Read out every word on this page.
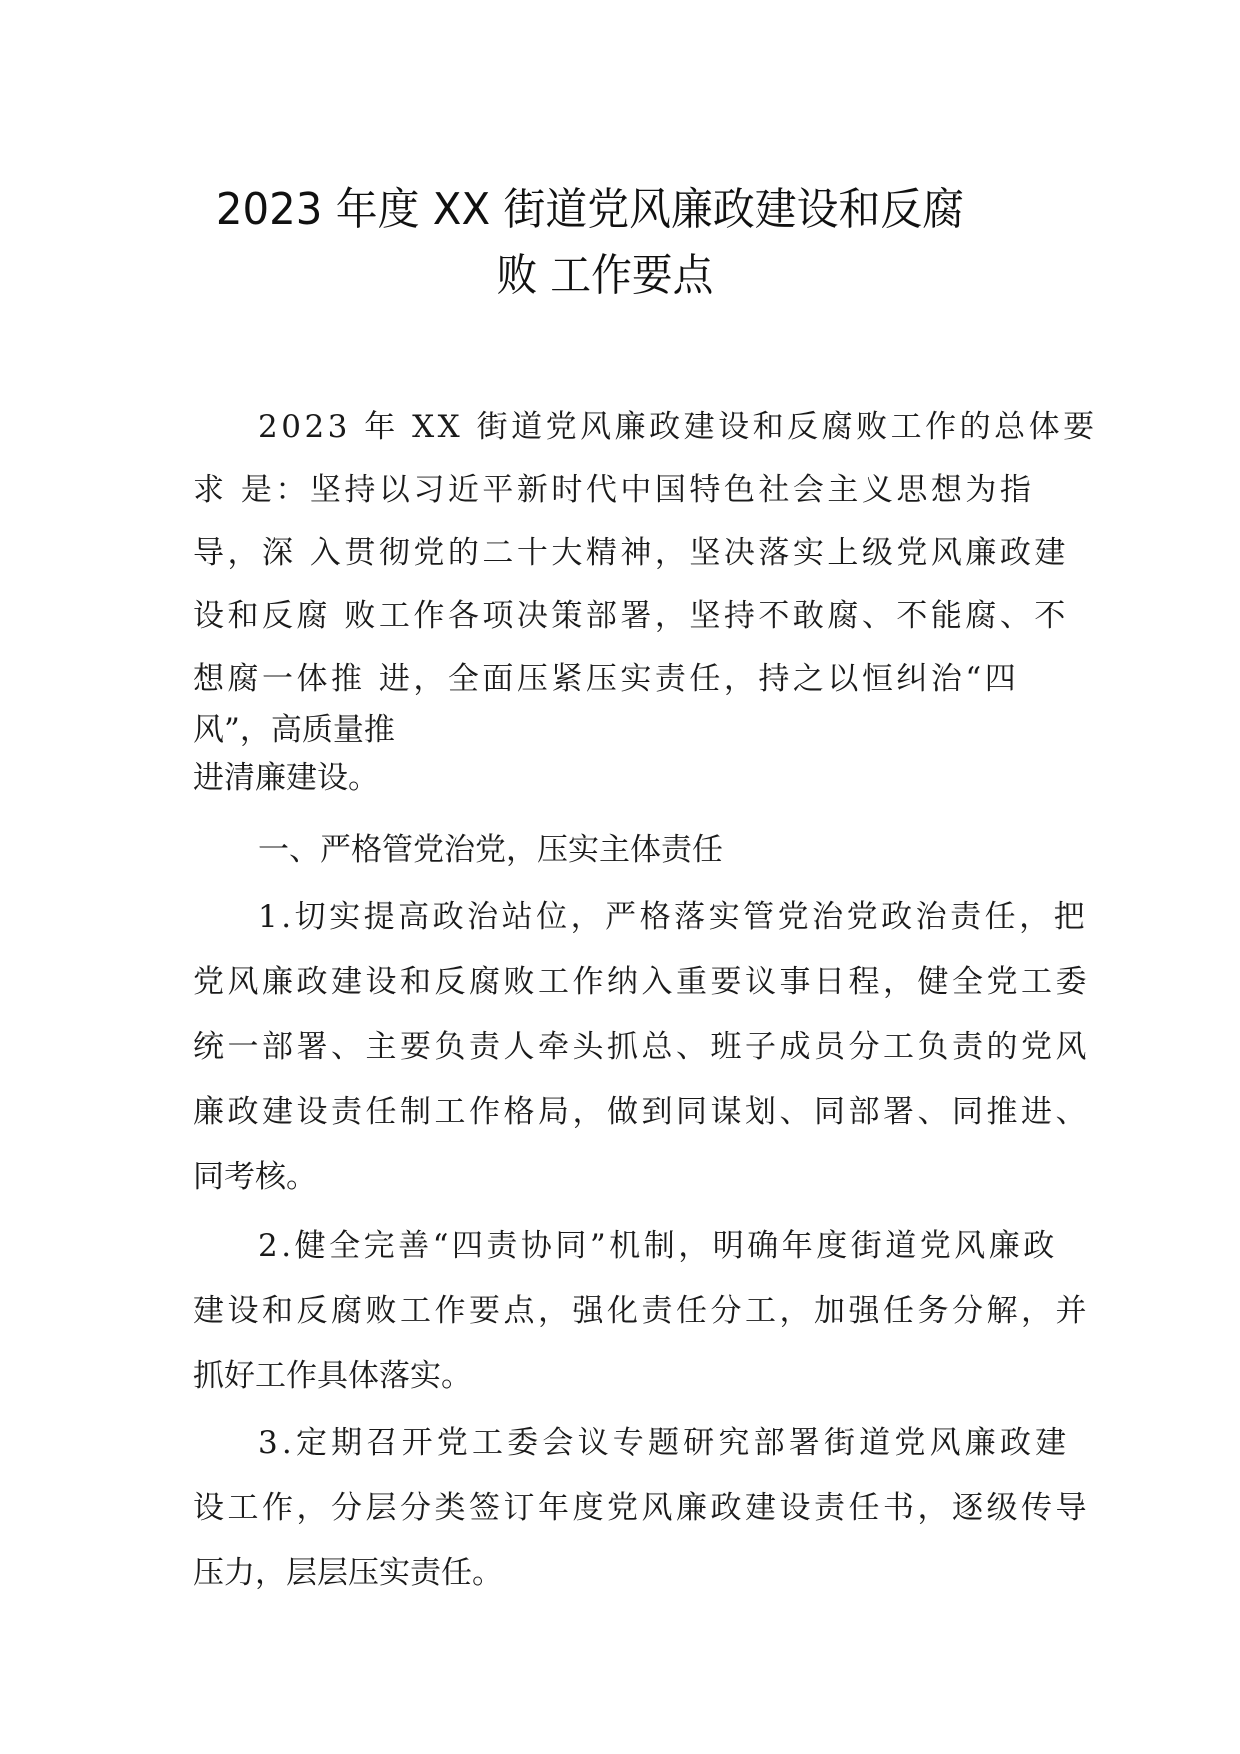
2023 年度 XX 街道党风廉政建设和反腐
败 工作要点
2023 年 XX 街道党风廉政建设和反腐败工作的总体要
求 是：坚持以习近平新时代中国特色社会主义思想为指
导，深 入贯彻党的二十大精神，坚决落实上级党风廉政建
设和反腐 败工作各项决策部署，坚持不敢腐、不能腐、不
想腐一体推 进，全面压紧压实责任，持之以恒纠治“四
风”，高质量推
进清廉建设。
一、严格管党治党，压实主体责任
1.切实提高政治站位，严格落实管党治党政治责任，把
党风廉政建设和反腐败工作纳入重要议事日程，健全党工委
统一部署、主要负责人牵头抓总、班子成员分工负责的党风
廉政建设责任制工作格局，做到同谋划、同部署、同推进、
同考核。
2.健全完善“四责协同”机制，明确年度街道党风廉政
建设和反腐败工作要点，强化责任分工，加强任务分解，并
抓好工作具体落实。
3.定期召开党工委会议专题研究部署街道党风廉政建
设工作，分层分类签订年度党风廉政建设责任书，逐级传导
压力，层层压实责任。
